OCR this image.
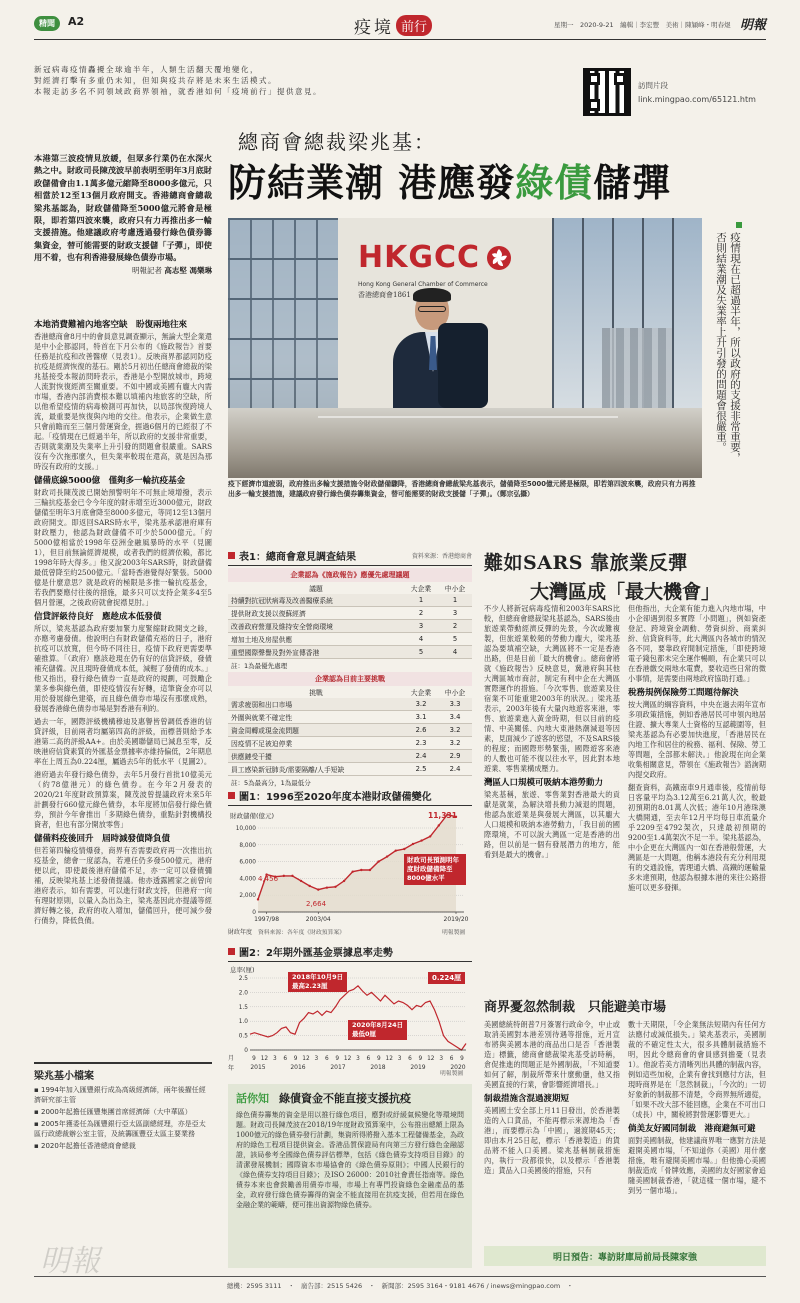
精聞	A2	疫境 前行	星期一　2020-9-21　編輯｜李宏豐　美術｜陳穎峰・明春煜 明報
新冠病毒疫情轟擾全球逾半年，人類生活翻天覆地變化，
對經濟打擊有多重仍未知，但知與疫共存將是未來生活模式。
本報走訪多名不同領域政商界領袖，就香港如何「疫境前行」提供意見。
訪問片段
link.mingpao.com/65121.htm
總商會總裁梁兆基：
防結業潮 港應發綠債儲彈
本港第三波疫情見放緩，但眾多行業仍在水深火熱之中。財政司長陳茂波早前表明至明年3月底財政儲備會由1.1萬多億元縮降至8000多億元，只相當於12至13個月政府開支。香港總商會總裁梁兆基認為，財政儲備降至5000億元將會是極限，即若第四波來襲，政府只有力再推出多一輪支援措施。他建議政府考慮透過發行綠色債券籌集資金，替可能需要的財政支援儲「子彈」，即使用不着，也有利香港發展綠色債券市場。
明報記者 高志堅 馮樂琳
本地消費難補內地客空缺　盼復兩地往來

香港總商會8月中的會員意見調查顯示，無論大型企業還是中小企都認同，特首在下月公布的《施政報告》首要任務是抗疫和改善醫療（見表1）。反映商界都認同防疫抗疫是經濟恢復的基石。剛於5月初出任總商會總裁的梁兆基接受本報訪問時表示，香港是小型開放城市，跨境人流對恢復經濟至關重要。不如中國或美國有龐大內需市場，香港內部消費根本難以填補內地旅客的空缺，所以他希望疫情的病毒檢測可再加快，以局部恢復跨境人流，最重要是恢復與內地的交往。他表示，企業做生意只會前瞻而至三個月營運資金，捱過6個月的已經很了不起。「疫情現在已經過半年，所以政府的支援非常重要，否則就業潮及失業率上升引發的問題會很嚴重。SARS沒有今次拖那麼久，但失業率較現在還高，就是因為那時沒有政府的支援。」

儲備底線5000億　僅夠多一輪抗疫基金

財政司長陳茂波已開始預警明年不可無止境增撥，表示三輪抗疫基金已令今年度的財赤增至近3000億元，財政儲備至明年3月底會降至8000多億元，等同12至13個月政府開支。即返回SARS時水平，梁兆基承認港府庫有財政壓力，他認為財政儲備不可少於5000億元。「約5000億相當於1998年亞洲金融風暴時的水平（見圖1），但目前無論經濟規模，或者我們的經濟依賴，都比1998年時大得多。」他又說2003年SARS時，財政儲備最低曾降至約2500億元。「當時香港覺得好緊張。5000億是什麼意思？就是政府的極限是多推一輪抗疫基金，若我們要應付往後的措施，最多只可以支持企業多4至5個月營運，之後政府就會捉襟見肘。」

信貸評級待良好　應趁成本低發債

所以，梁兆基認為政府要加緊力度緊縮財政開支之餘，亦應考慮發債。他說明白有財政儲備充裕的日子，港府抗疫可以放寬，但今時不同往日，疫情下政府更需要準確推算。「（政府）應該趁現在仍有好的信貸評級，發債補充儲備。況且現時發債成本低，減輕了發債的成本。」他又指出，發行綠色債券一直是政府的規劃，可鼓勵企業多參與綠色債，即使疫情沒有好轉，這筆資金亦可以用於發展綠色建築，而且綠色債券市場沒有那麼成熟，發展香港綠色債券市場是對香港有利的。

過去一年，國際評級機構穆迪及惠譽皆曾調低香港的信貸評級，目前兩者均屬第四高的評級，而標普則給予本港第二高的評級AA+。由於美國聯儲局已減息至零，反映港府信貸素質的外匯基金票據率亦維持偏低，2年期息率在上周五為0.224厘，屬過去5年的低水平（見圖2）。

港府過去年發行綠色債券，去年5月發行首批10億美元（約78億港元）的綠色債券。在今年2月發表的2020/21年度財政預算案，陳茂波曾提議政府未來5年計劃發行660億元綠色債券，本年度將加倍發行綠色債券，預計今年會推出「多期綠色債券，重點針對機構投資者，但也有部分開放零售」

儲備料疫後回升　屆時減發債降負債

但若第四輪疫情爆發，商界有否需要政府再一次推出抗疫基金，總會一度認為，若連任仍多發500億元，港府便以此，即使最後港府儲備不足，亦一定可以發債彌補，反映梁兆基上述發債提議。他亦透露國家之前曾向港府表示，如有需要，可以進行財政支持，但港府一向有理財原則，以量入為出為主，梁兆基因此亦提議等經濟好轉之後，政府的收入增加，儲備回升，便可減少發行債券，降低負債。

梁兆基小檔案
▪ 1994年加入匯豐銀行成為高級經濟師，兩年後擢任經濟研究部主管
▪ 2000年起擔任匯豐集團首席經濟師（大中華區）
▪ 2005年獲委任為匯豐銀行亞太區副總經理，亦是亞太區行政總裁辦公室主管，及統籌匯豐亞太區主要業務
▪ 2020年起擔任香港總商會總裁
明報
HKGCC
Hong Kong General Chamber of Commerce
香港總商會1861	疫情現在已超過半年，所以政府的支援非常重要，否則結業潮及失業率上升引發的問題會很嚴重。
疫下經濟市道疲弱，政府推出多輪支援措施令財政儲備驟降，香港總商會總裁梁兆基表示，儲備降至5000億元將是極限，即若第四波來襲，政府只有力再推出多一輪支援措施，建議政府發行綠色債券籌集資金，替可能需要的財政支援儲「子彈」。（鄭宗弘攝）
表1：總商會意見調查結果	資料來源：香港總商會
企業認為《施政報告》應優先處理議題
議題	大企業	中小企
持續對抗冠狀病毒及改善醫療系統	1	1
提供財政支援以復蘇經濟	2	3
改善政府營運及維持安全營商環境	3	2
增加土地及房屋供應	4	5
重塑國際聲譽及對外宣傳香港	5	4
註：1為最優先處理
企業認為目前主要挑戰
挑戰	大企業	中小企
需求疲弱和出口市場	3.2	3.3
外圍與就業不確定性	3.1	3.4
資金周轉或現金流問題	2.6	3.2
因疫情不足被迫停業	2.3	3.2
供應鏈受干擾	2.4	2.9
員工感染新冠肺炎/需要隔離/人手短缺	2.5	2.4
註：5為最高分，1為最低分
圖1：1996至2020年度本港財政儲備變化
財政儲備(億元)
10,000
8,000
6,000
4,000
2,000
0
11,331
4,456
2,664
1997/98	2003/04	2019/20
財政年度 資料來源：各年度《財政預算案》	明報製圖
財政司長預測明年度財政儲備降至8000億水平
圖2：2年期外匯基金票據息率走勢
息率(厘)
2.5
2.0
1.5
1.0
0.5
0
9 12 3 6 9 12 3 6 9 12 3 6 9 12 3 6 9 12 3 6 9
2015	2016	2017	2018	2019	2020
月
年
明報製圖
2018年10月9日
最高2.23厘
2020年8月24日
最低0厘
0.224厘
話你知 綠債資金不能直接支援抗疫
綠色債券籌集的資金是用以推行綠色項目，應對或紓緩氣候變化等環境問題。財政司長陳茂波在2018/19年度財政預算案中，公布推出總額上限為1000億元的綠色債券發行計劃，集資所得將撥入基本工程儲備基金，為政府的綠色工程項目提供資金。香港品質保證局有向第三方發行綠色金融認證，該局參考全國綠色債券評估標準，包括《綠色債券支持項目目錄》的清潔發展機制；國際資本市場協會的《綠色債券原則》；中國人民銀行的《綠色債券支持項目目錄》；及ISO 26000：2010社會責任指南等。綠色債券本來也會鼓勵善用債券市場，市場上有專門投資綠色金融產品的基金，政府發行綠色債券籌得的資金不能直接用在抗疫支援，但若用在綠色金融企業的範疇，便可推出資源物綠色債券。
難如SARS 靠旅業反彈
大灣區成「最大機會」

不少人將新冠病毒疫情和2003年SARS比較，但總商會總裁梁兆基認為，SARS後由旅遊業帶動經濟反彈的先景，今次或難複製，但旅遊業較頻的勞動力龐大，梁兆基認為要填補空缺，大灣區將不一定是香港出路，但是目前「最大的機會」。總商會將就《施政報告》反映意見，冀港府與其他大灣區城市商討，制定有利中企在大灣區實際運作的措施。「今次零售、旅遊業及住宿業不可能重建2003年的狀況。」梁兆基表示，2003年後有大量內地遊客來港，零售、旅遊業進入黃金時期，但以目前的疫情、中美關係、內地大東港熱潮減退等因素，見面減少了遊客的慾望，不及SARS後的程度；而國際形勢緊張，國際遊客來港的人數也可能不復以往水平，因此對本地遊業、零售業構成壓力。

灣區人口規模可吸納本港勞動力

梁兆基稱，旅遊、零售業對香港最大的貢獻是就業，為解決增長動力減退的問題，他認為旅遊業是與發展大灣區，以其龐大人口規模和吸納本港勞動力，「我目前的國際環境，不可以說大灣區一定是香港的出路，但以前是一個有發展潛力的地方，能看到是最大的機會。」

但他指出，大企業有能力進入內地市場，中小企卻遇到很多實際「小問題」，例如資產登記、跨境資金調動、勞資糾紛、商業糾紛、信貸資料等，此大灣區內各城市的情況各不同，要靠政府間制定措施，「即使跨境電子錢包都未完全運作暢順，有企業只可以在香港繳交兩地水電費，要收這些日常的微小事情，是需要由兩地政府協助打通。」

稅務規例保險勞工問題待解決

按大灣區的綱容資料，中央在過去兩年宣布多項政策措施，例如香港居民可申領內地居住證、擴大專業人士資格的互認範圍等，但梁兆基認為有必要加快進度，「香港居民在內地工作和居住的稅務、福利、保險、勞工等問題，全部都未解決。」他說現在向企業收集相關意見，帶領在《施政報告》諮詢期內提交政府。

翻查資料，高鐵南車9月通車後，疫情前每日客量平均為3.12萬至6.21萬人次，較最初預期的8.01萬人次低；港年10月港珠澳大橋開通，至去年12月平均每日車流量介乎2209至4792架次，只達最初預期的9200至1.4萬架次不足一半。梁兆基認為，中小企更在大灣區內一如在香港般營運，大灣區是一大問題，他稱本港段有充分利用現有的交通設施，需理通大橋、高鐵的運輸量多未達預期，他認為根據本港的來往公路措施可以更多發揮。

商界憂忽然制裁　只能避美市場

美國總統特朗普7月簽署行政命令，中止或取消美國對本港差別待遇等措施，近月宣布將與美國本港的商品出口是否「香港製造」標籤，總商會總裁梁兆基受訪時稱，倉促推進的問題正是外國制裁，「不知道要如何了解，制裁所帶來什麼動盪，他又指美國直接的行業，會影響經濟增長。」

制裁措施含混過渡期短

美國國土安全部上月11日發出，於香港製造的入口貨品，不能再標示來源地為「香港」，而要標示為「中國」，過渡期45天；即由本月25日起，標示「香港製造」的貨品將不能入口美國。梁兆基稱制裁措施內，執行一段都很快，以及標示「香港製造」貨品入口美國後的措施，只有

數十天期限，「令企業無法短期內有任何方法應付或減低損失。」梁兆基表示，美國制裁的不確定性太大，很多具體制裁措施不明，因此令總商會的會員感到擔憂（見表1）。他說若美方清晰列出具體的制裁內容，例如這些加稅，企業有會找到應付方法，但現時商界是在「忽然制裁」，「今次的」一切好象新的制裁都不清楚，令商界無所適從，「如果不改大部不能回應，企業在不可出口（成長）中，關稅將對營運影響更大。」

倘美友好國同制裁　港商避無可避

面對美國制裁，他建議商界唯一應對方法是避開美國市場，「不知道你（美國）用什麼措施，唯有避開美國市場。」但他擔心美國制裁造成「骨牌效應，美國的友好國家會追隨美國制裁香港，「就這樣一個市場，避不到另一個市場」。

明日預告：專訪財庫局前局長陳家強
總機：2595 3111　・　廣告部：2515 5426　・　新聞部：2595 3164・9181 4676 / inews@mingpao.com　・
